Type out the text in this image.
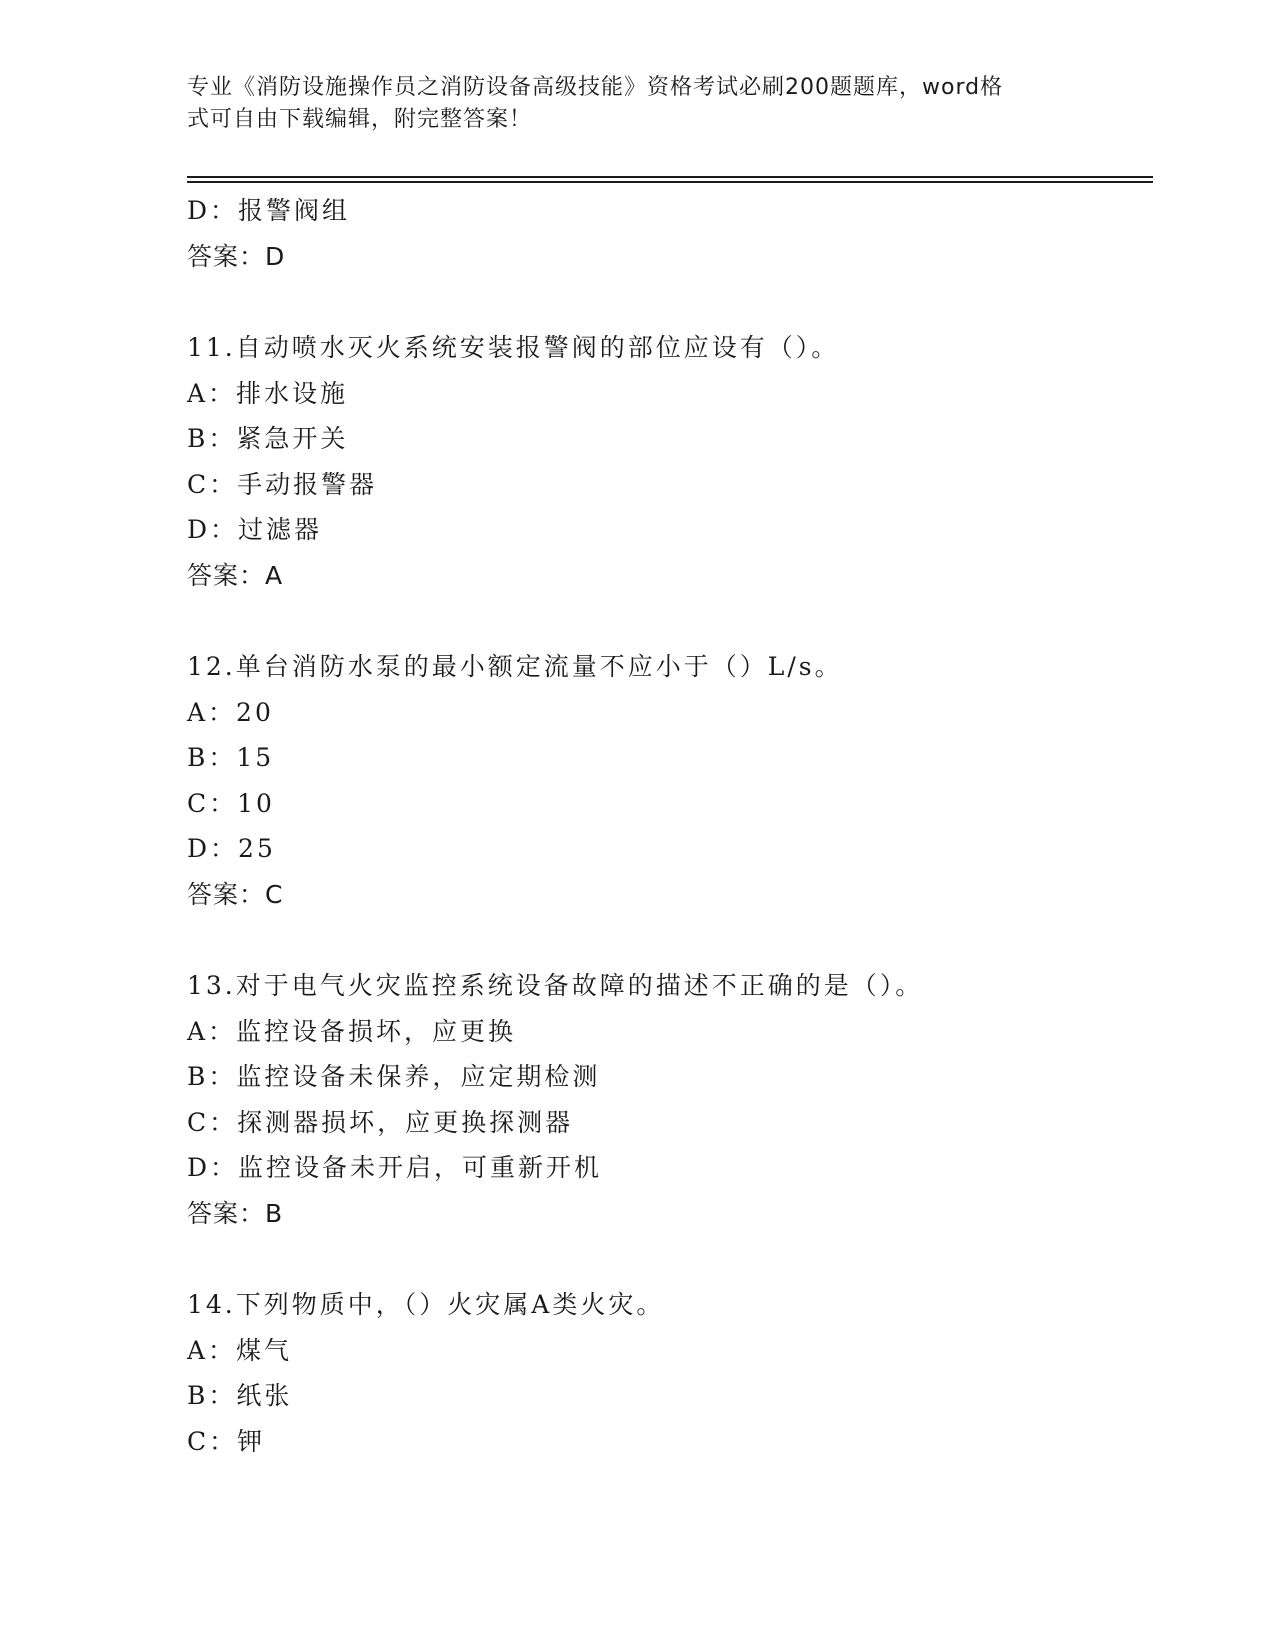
专业《消防设施操作员之消防设备高级技能》资格考试必刷200题题库，word格
式可自由下载编辑，附完整答案！
D：报警阀组
答案：D
11.自动喷水灭火系统安装报警阀的部位应设有（）。
A：排水设施
B：紧急开关
C：手动报警器
D：过滤器
答案：A
12.单台消防水泵的最小额定流量不应小于（）L/s。
A：20
B：15
C：10
D：25
答案：C
13.对于电气火灾监控系统设备故障的描述不正确的是（）。
A：监控设备损坏，应更换
B：监控设备未保养，应定期检测
C：探测器损坏，应更换探测器
D：监控设备未开启，可重新开机
答案：B
14.下列物质中，（）火灾属A类火灾。
A：煤气
B：纸张
C：钾
